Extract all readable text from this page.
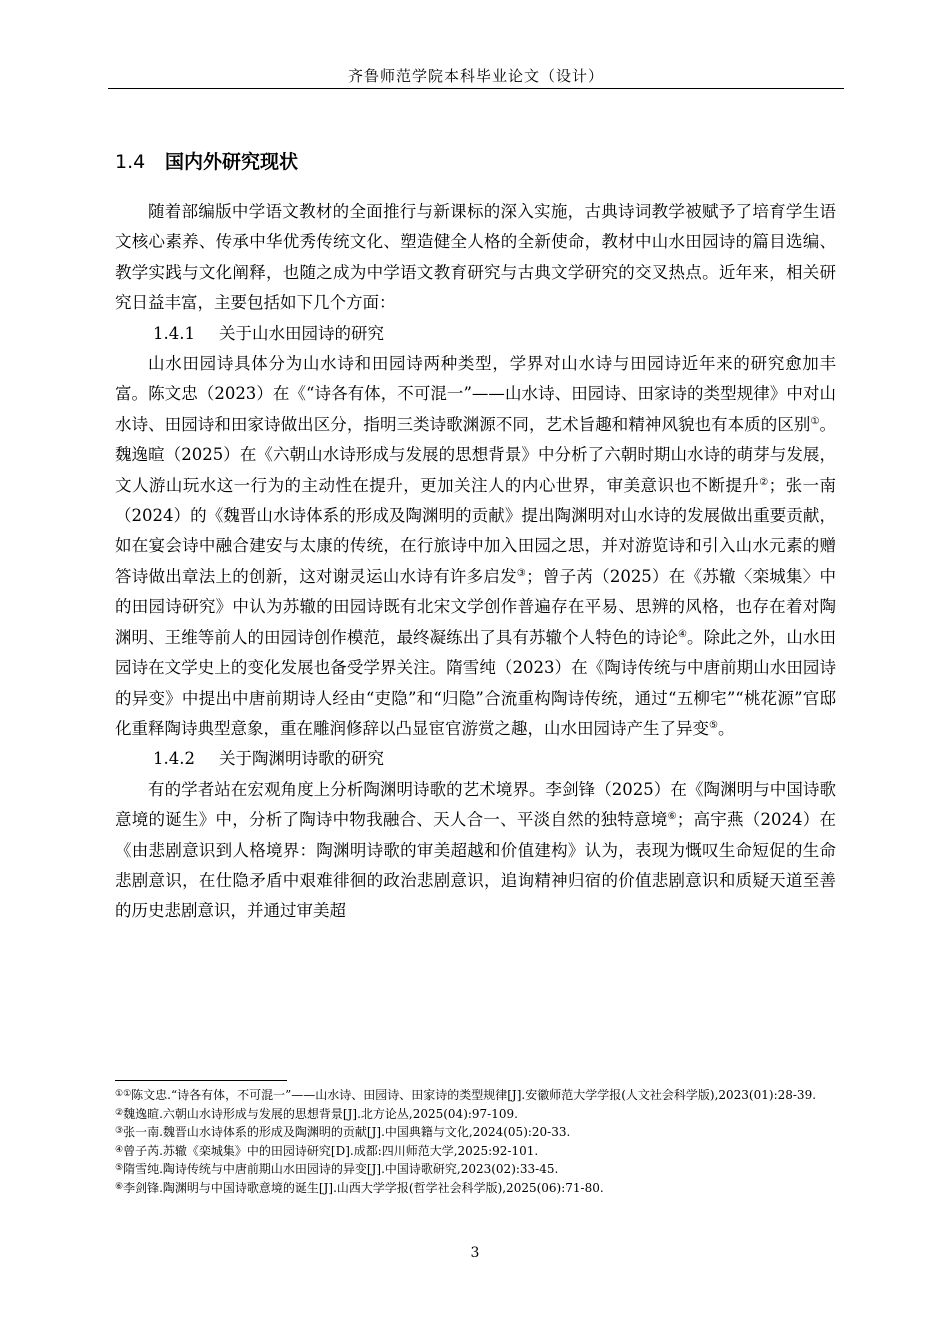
齐鲁师范学院本科毕业论文（设计）
1.4 国内外研究现状

随着部编版中学语文教材的全面推行与新课标的深入实施，古典诗词教学被赋予了培育学生语文核心素养、传承中华优秀传统文化、塑造健全人格的全新使命，教材中山水田园诗的篇目选编、教学实践与文化阐释，也随之成为中学语文教育研究与古典文学研究的交叉热点。近年来，相关研究日益丰富，主要包括如下几个方面：

1.4.1 关于山水田园诗的研究

山水田园诗具体分为山水诗和田园诗两种类型，学界对山水诗与田园诗近年来的研究愈加丰富。陈文忠（2023）在《“诗各有体，不可混一”——山水诗、田园诗、田家诗的类型规律》中对山水诗、田园诗和田家诗做出区分，指明三类诗歌渊源不同，艺术旨趣和精神风貌也有本质的区别①。魏逸暄（2025）在《六朝山水诗形成与发展的思想背景》中分析了六朝时期山水诗的萌芽与发展，文人游山玩水这一行为的主动性在提升，更加关注人的内心世界，审美意识也不断提升②；张一南（2024）的《魏晋山水诗体系的形成及陶渊明的贡献》提出陶渊明对山水诗的发展做出重要贡献，如在宴会诗中融合建安与太康的传统，在行旅诗中加入田园之思，并对游览诗和引入山水元素的赠答诗做出章法上的创新，这对谢灵运山水诗有许多启发③；曾子芮（2025）在《苏辙〈栾城集〉中的田园诗研究》中认为苏辙的田园诗既有北宋文学创作普遍存在平易、思辨的风格，也存在着对陶渊明、王维等前人的田园诗创作模范，最终凝练出了具有苏辙个人特色的诗论④。除此之外，山水田园诗在文学史上的变化发展也备受学界关注。隋雪纯（2023）在《陶诗传统与中唐前期山水田园诗的异变》中提出中唐前期诗人经由“吏隐”和“归隐”合流重构陶诗传统，通过“五柳宅”“桃花源”官邸化重释陶诗典型意象，重在雕润修辞以凸显宦官游赏之趣，山水田园诗产生了异变⑤。

1.4.2 关于陶渊明诗歌的研究

有的学者站在宏观角度上分析陶渊明诗歌的艺术境界。李剑锋（2025）在《陶渊明与中国诗歌意境的诞生》中，分析了陶诗中物我融合、天人合一、平淡自然的独特意境⑥；高宇燕（2024）在《由悲剧意识到人格境界：陶渊明诗歌的审美超越和价值建构》认为，表现为慨叹生命短促的生命悲剧意识，在仕隐矛盾中艰难徘徊的政治悲剧意识，追询精神归宿的价值悲剧意识和质疑天道至善的历史悲剧意识，并通过审美超

①①陈文忠.“诗各有体，不可混一”——山水诗、田园诗、田家诗的类型规律[J].安徽师范大学学报(人文社会科学版),2023(01):28-39.
②魏逸暄.六朝山水诗形成与发展的思想背景[J].北方论丛,2025(04):97-109.
③张一南.魏晋山水诗体系的形成及陶渊明的贡献[J].中国典籍与文化,2024(05):20-33.
④曾子芮.苏辙《栾城集》中的田园诗研究[D].成都:四川师范大学,2025:92-101.
⑤隋雪纯.陶诗传统与中唐前期山水田园诗的异变[J].中国诗歌研究,2023(02):33-45.
⑥李剑锋.陶渊明与中国诗歌意境的诞生[J].山西大学学报(哲学社会科学版),2025(06):71-80.
3
